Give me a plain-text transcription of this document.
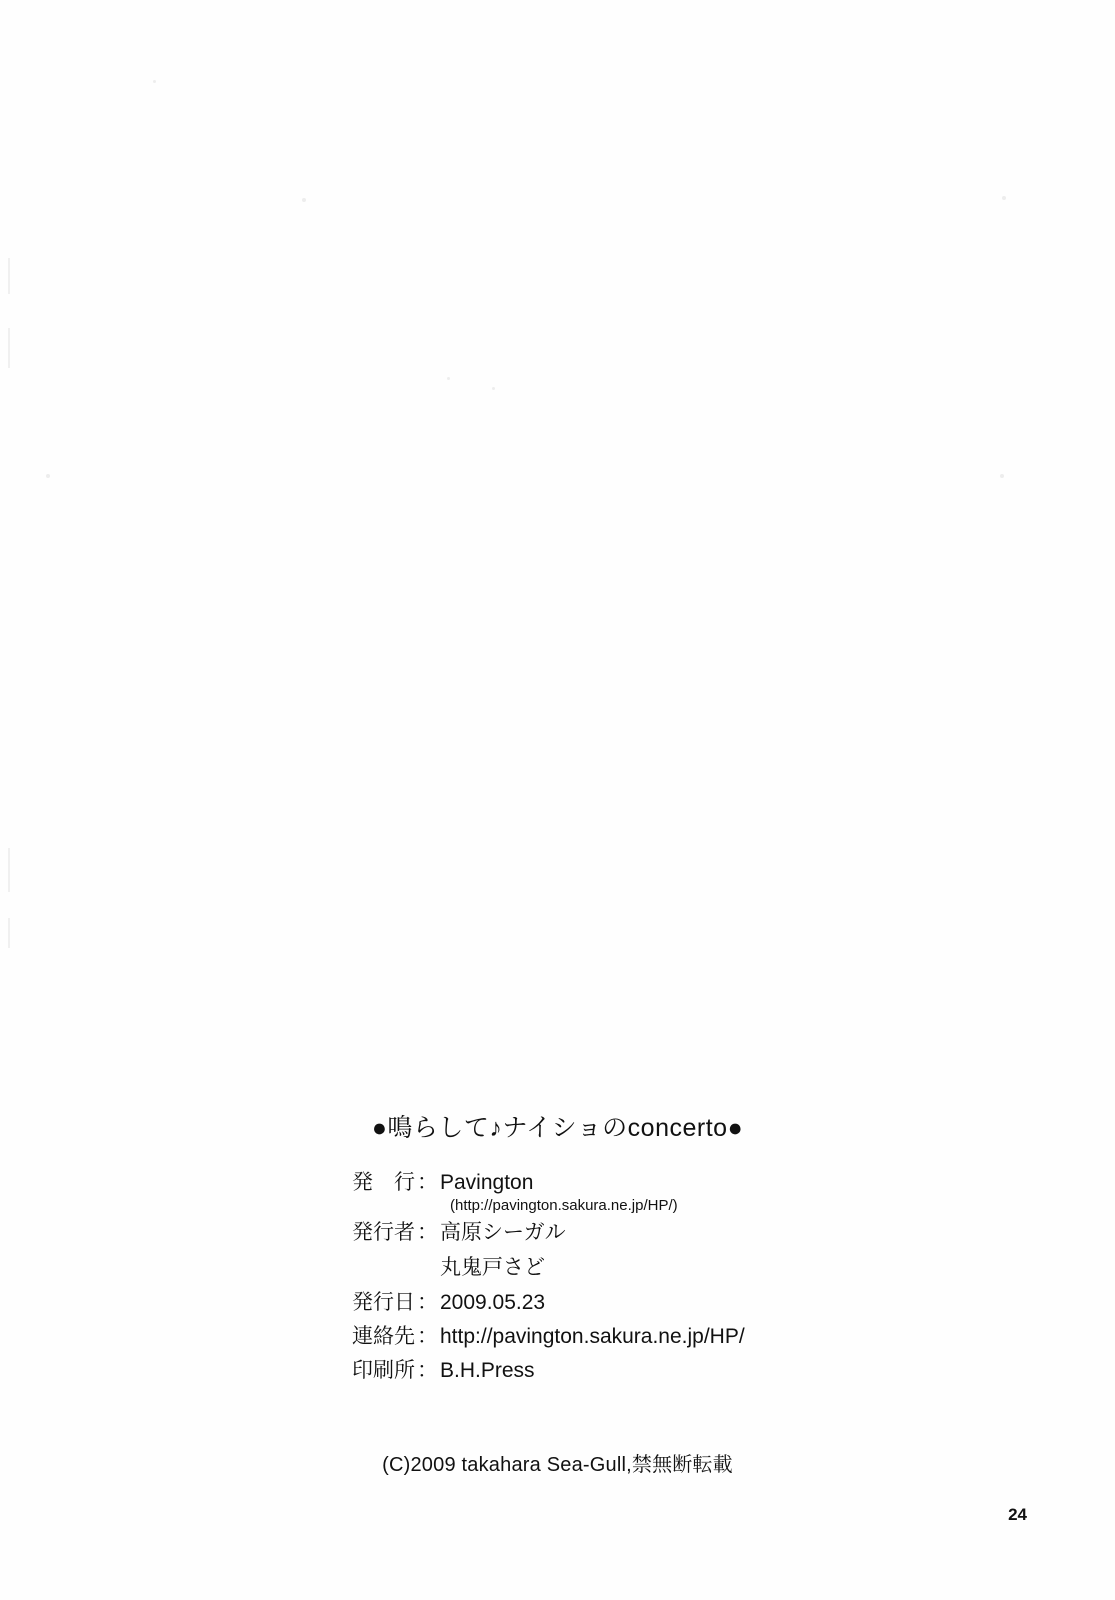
●鳴らして♪ナイショのconcerto●
発　行 ： Pavington
(http://pavington.sakura.ne.jp/HP/)
発行者 ： 高原シーガル
丸鬼戸さど
発行日 ： 2009.05.23
連絡先 ： http://pavington.sakura.ne.jp/HP/
印刷所 ： B.H.Press
(C)2009 takahara Sea-Gull,禁無断転載
24
